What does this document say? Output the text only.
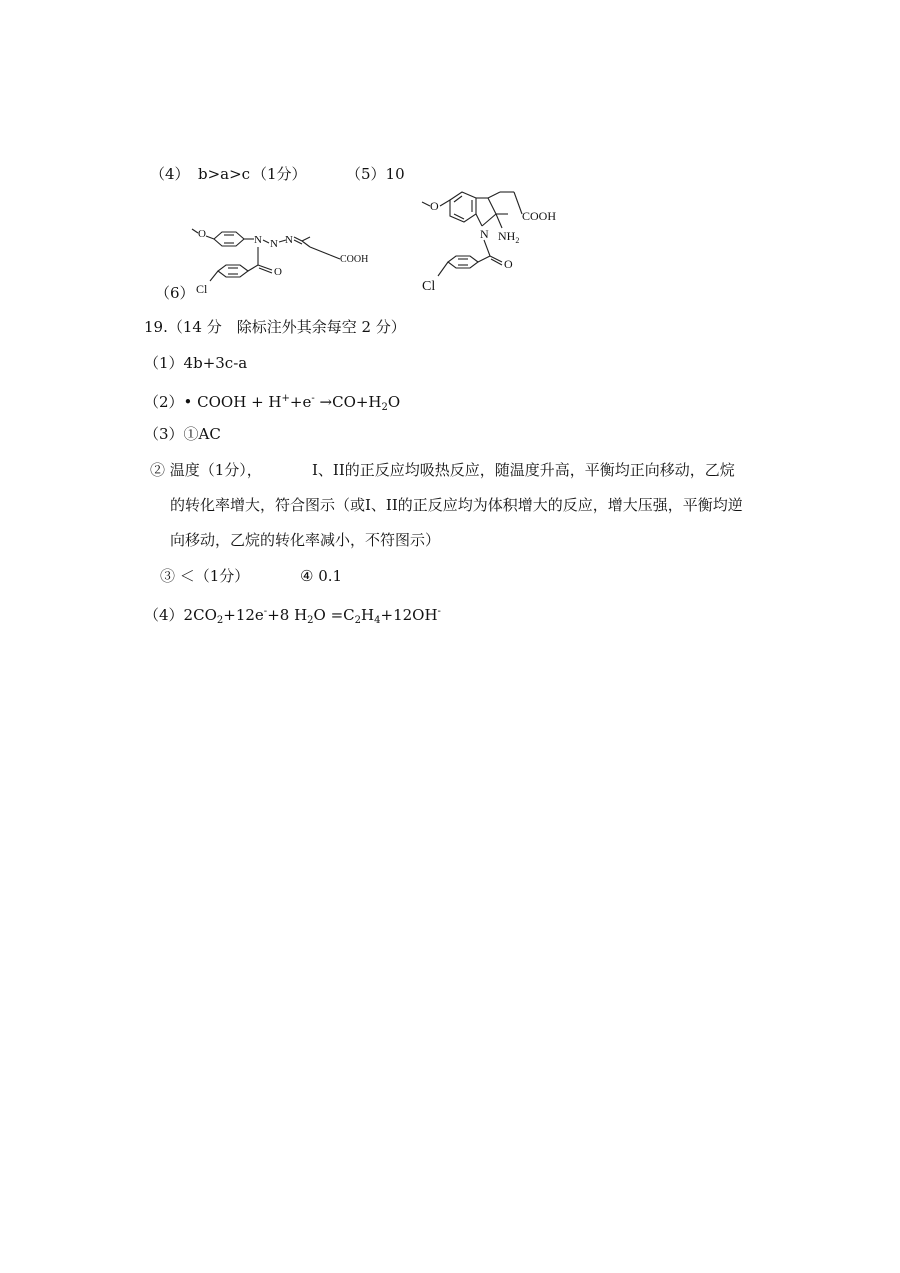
（4） b>a>c （1分）	（5）10
（6）
O	N N N
COOH
O
Cl
O
COOH
$NH_2$
N
O
Cl
19.（14 分　除标注外其余每空 2 分）
（1）4b+3c-a
（2）• COOH + $H^++e^- \to CO+H_2O$
（3）①AC
② 温度（1分），	I、II的正反应均吸热反应，随温度升高，平衡均正向移动，乙烷
的转化率增大，符合图示（或I、II的正反应均为体积增大的反应，增大压强，平衡均逆
向移动，乙烷的转化率减小，不符图示）
③ ＜（1分）	④ 0.1
$(4)2CO_2+12e^-+8$ $H_2O =C_2H_4+12OH^-$
